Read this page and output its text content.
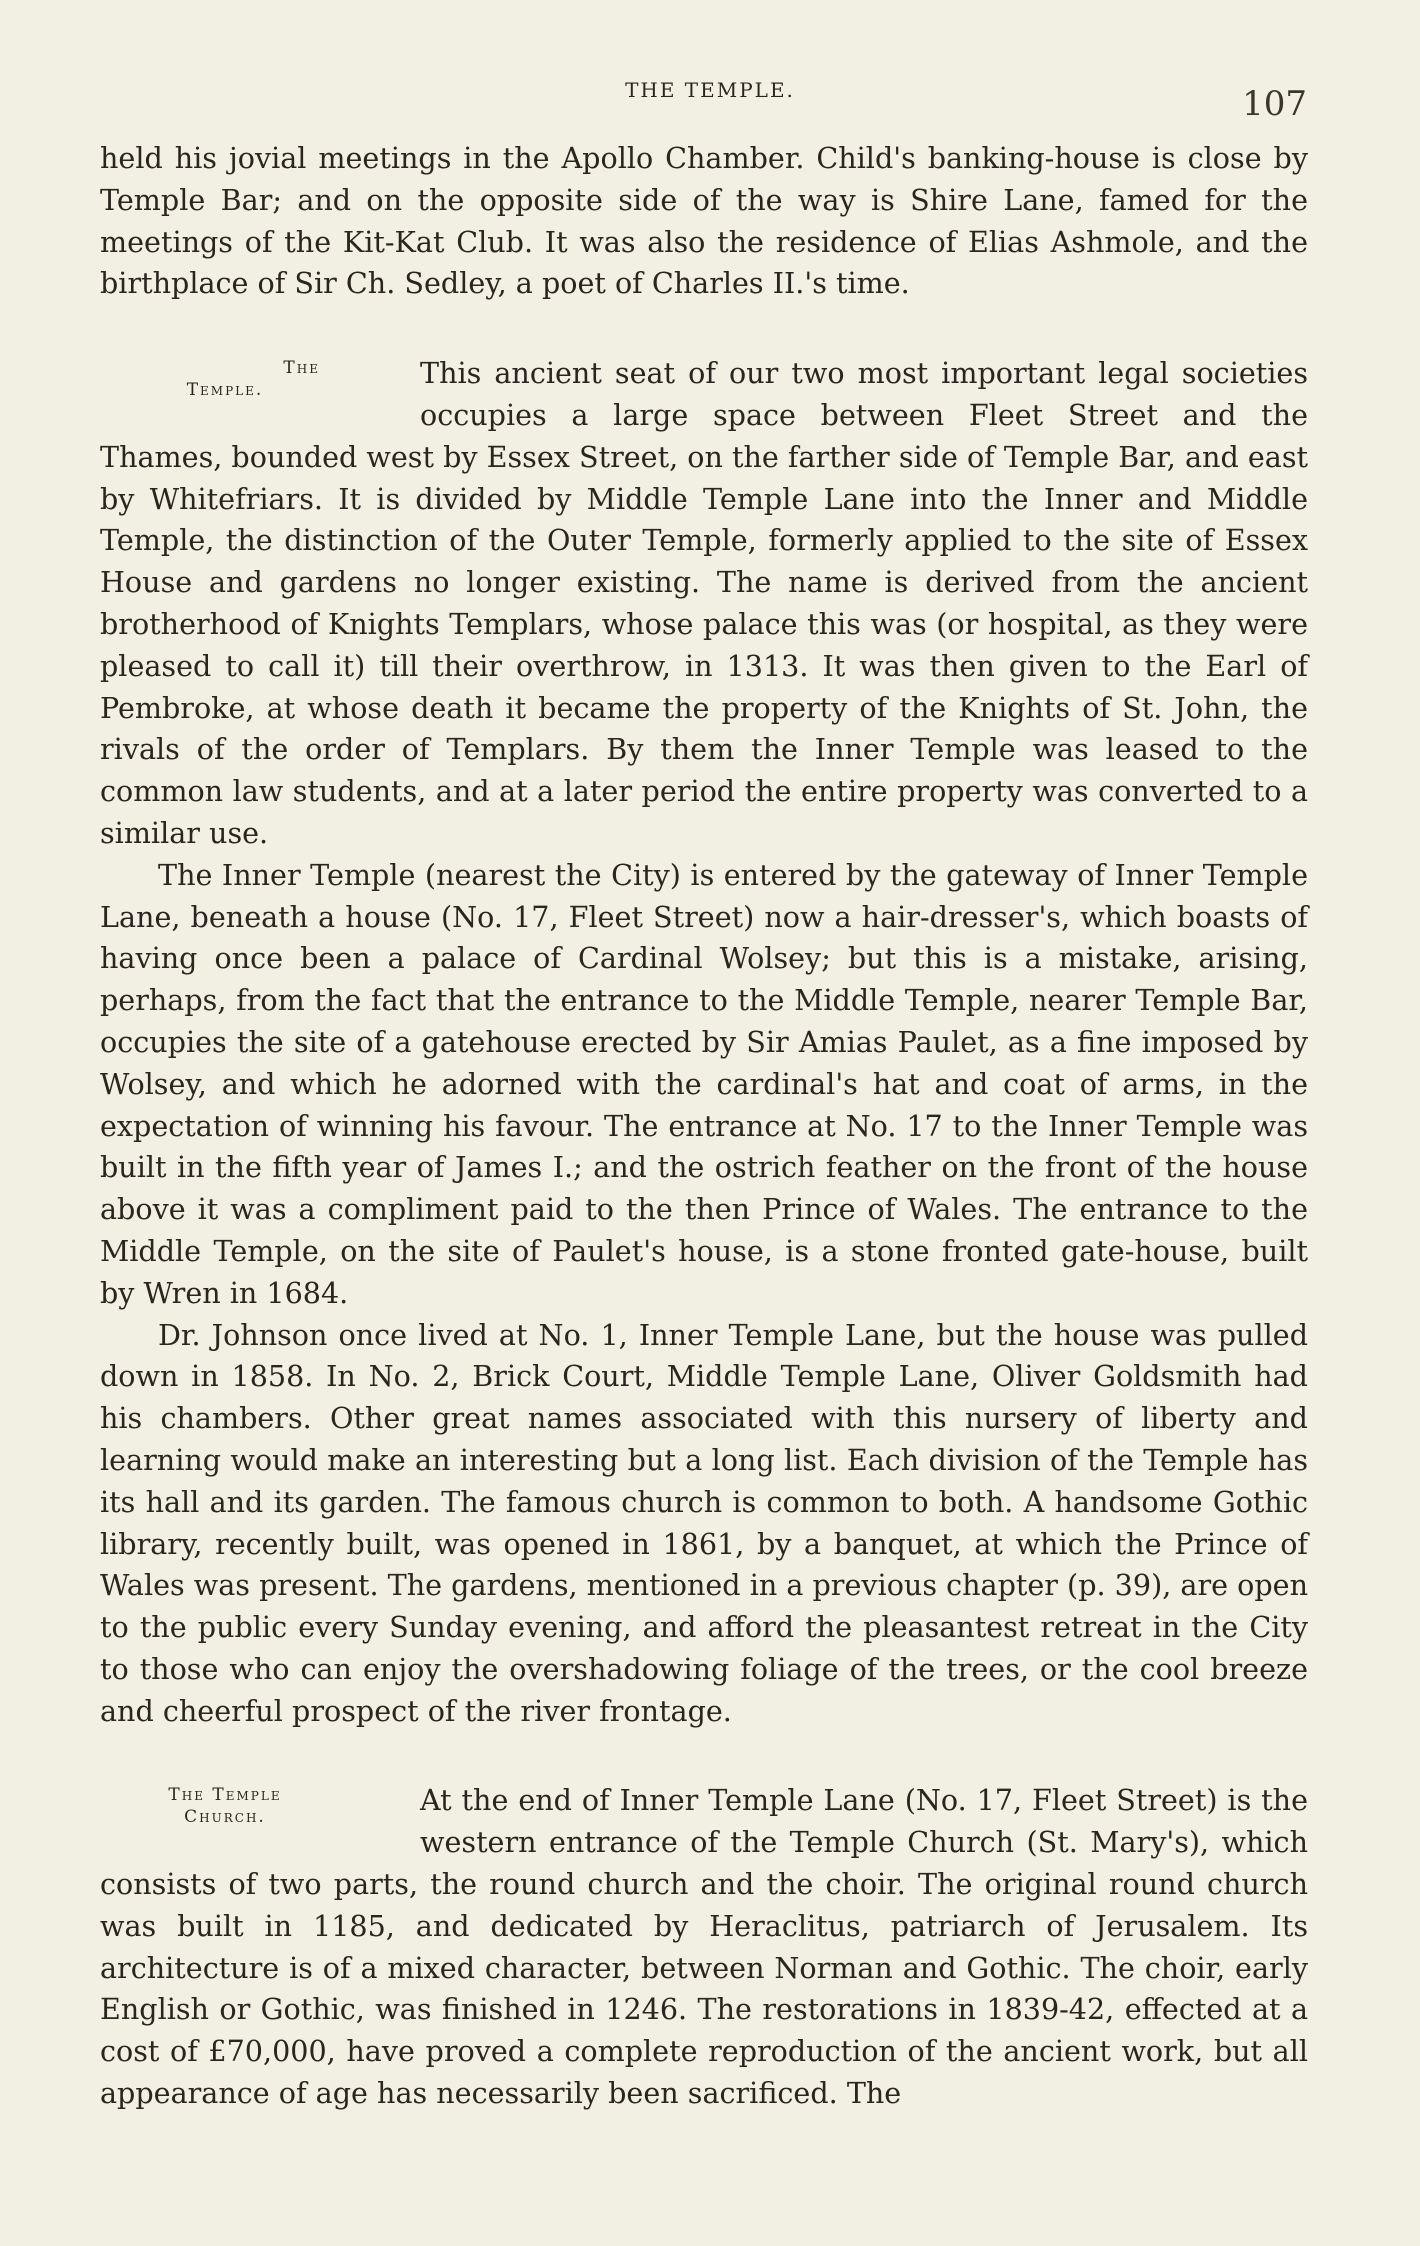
THE TEMPLE.	107

held his jovial meetings in the Apollo Chamber. Child's banking-house is close by Temple Bar; and on the opposite side of the way is Shire Lane, famed for the meetings of the Kit-Kat Club. It was also the residence of Elias Ashmole, and the birthplace of Sir Ch. Sedley, a poet of Charles II.'s time.

The
Temple.	This ancient seat of our two most important legal societies occupies a large space between Fleet Street and the Thames, bounded west by Essex Street, on the farther side of Temple Bar, and east by Whitefriars. It is divided by Middle Temple Lane into the Inner and Middle Temple, the distinction of the Outer Temple, formerly applied to the site of Essex House and gardens no longer existing. The name is derived from the ancient brotherhood of Knights Templars, whose palace this was (or hospital, as they were pleased to call it) till their overthrow, in 1313. It was then given to the Earl of Pembroke, at whose death it became the property of the Knights of St. John, the rivals of the order of Templars. By them the Inner Temple was leased to the common law students, and at a later period the entire property was converted to a similar use.

The Inner Temple (nearest the City) is entered by the gateway of Inner Temple Lane, beneath a house (No. 17, Fleet Street) now a hair-dresser's, which boasts of having once been a palace of Cardinal Wolsey; but this is a mistake, arising, perhaps, from the fact that the entrance to the Middle Temple, nearer Temple Bar, occupies the site of a gatehouse erected by Sir Amias Paulet, as a fine imposed by Wolsey, and which he adorned with the cardinal's hat and coat of arms, in the expectation of winning his favour. The entrance at No. 17 to the Inner Temple was built in the fifth year of James I.; and the ostrich feather on the front of the house above it was a compliment paid to the then Prince of Wales. The entrance to the Middle Temple, on the site of Paulet's house, is a stone fronted gate-house, built by Wren in 1684.

Dr. Johnson once lived at No. 1, Inner Temple Lane, but the house was pulled down in 1858. In No. 2, Brick Court, Middle Temple Lane, Oliver Goldsmith had his chambers. Other great names associated with this nursery of liberty and learning would make an interesting but a long list. Each division of the Temple has its hall and its garden. The famous church is common to both. A handsome Gothic library, recently built, was opened in 1861, by a banquet, at which the Prince of Wales was present. The gardens, mentioned in a previous chapter (p. 39), are open to the public every Sunday evening, and afford the pleasantest retreat in the City to those who can enjoy the overshadowing foliage of the trees, or the cool breeze and cheerful prospect of the river frontage.

The Temple
Church.	At the end of Inner Temple Lane (No. 17, Fleet Street) is the western entrance of the Temple Church (St. Mary's), which consists of two parts, the round church and the choir. The original round church was built in 1185, and dedicated by Heraclitus, patriarch of Jerusalem. Its architecture is of a mixed character, between Norman and Gothic. The choir, early English or Gothic, was finished in 1246. The restorations in 1839-42, effected at a cost of £70,000, have proved a complete reproduction of the ancient work, but all appearance of age has necessarily been sacrificed. The
